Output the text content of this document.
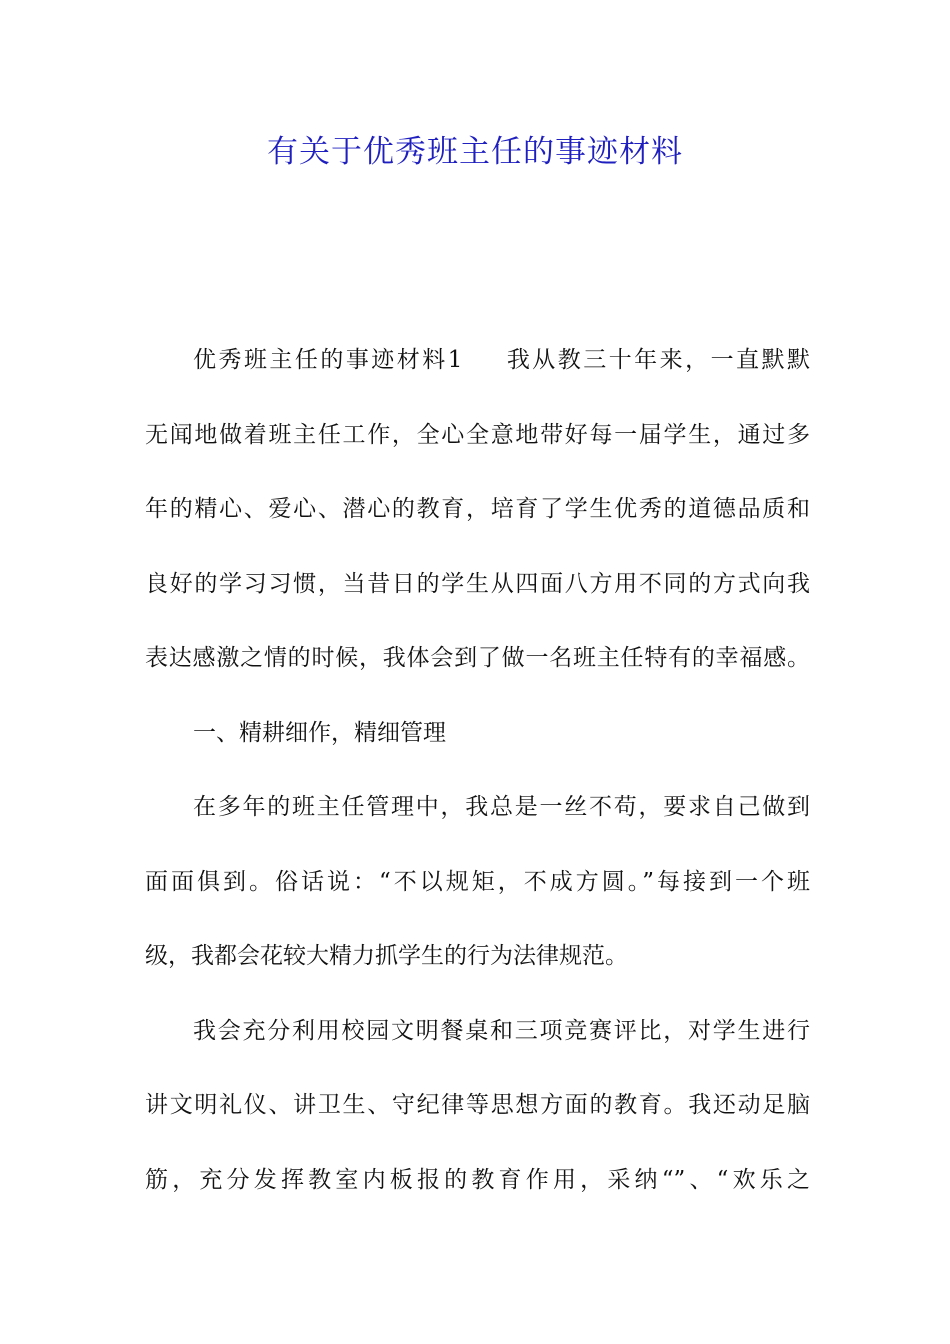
有关于优秀班主任的事迹材料
优秀班主任的事迹材料1 我从教三十年来，一直默默
无闻地做着班主任工作，全心全意地带好每一届学生，通过多
年的精心、爱心、潜心的教育，培育了学生优秀的道德品质和
良好的学习习惯，当昔日的学生从四面八方用不同的方式向我
表达感激之情的时候，我体会到了做一名班主任特有的幸福感。
一、精耕细作，精细管理
在多年的班主任管理中，我总是一丝不苟，要求自己做到
面面俱到。俗话说：“不以规矩，不成方圆。”每接到一个班
级，我都会花较大精力抓学生的行为法律规范。
我会充分利用校园文明餐桌和三项竞赛评比，对学生进行
讲文明礼仪、讲卫生、守纪律等思想方面的教育。我还动足脑
筋，充分发挥教室内板报的教育作用，采纳“”、“欢乐之
